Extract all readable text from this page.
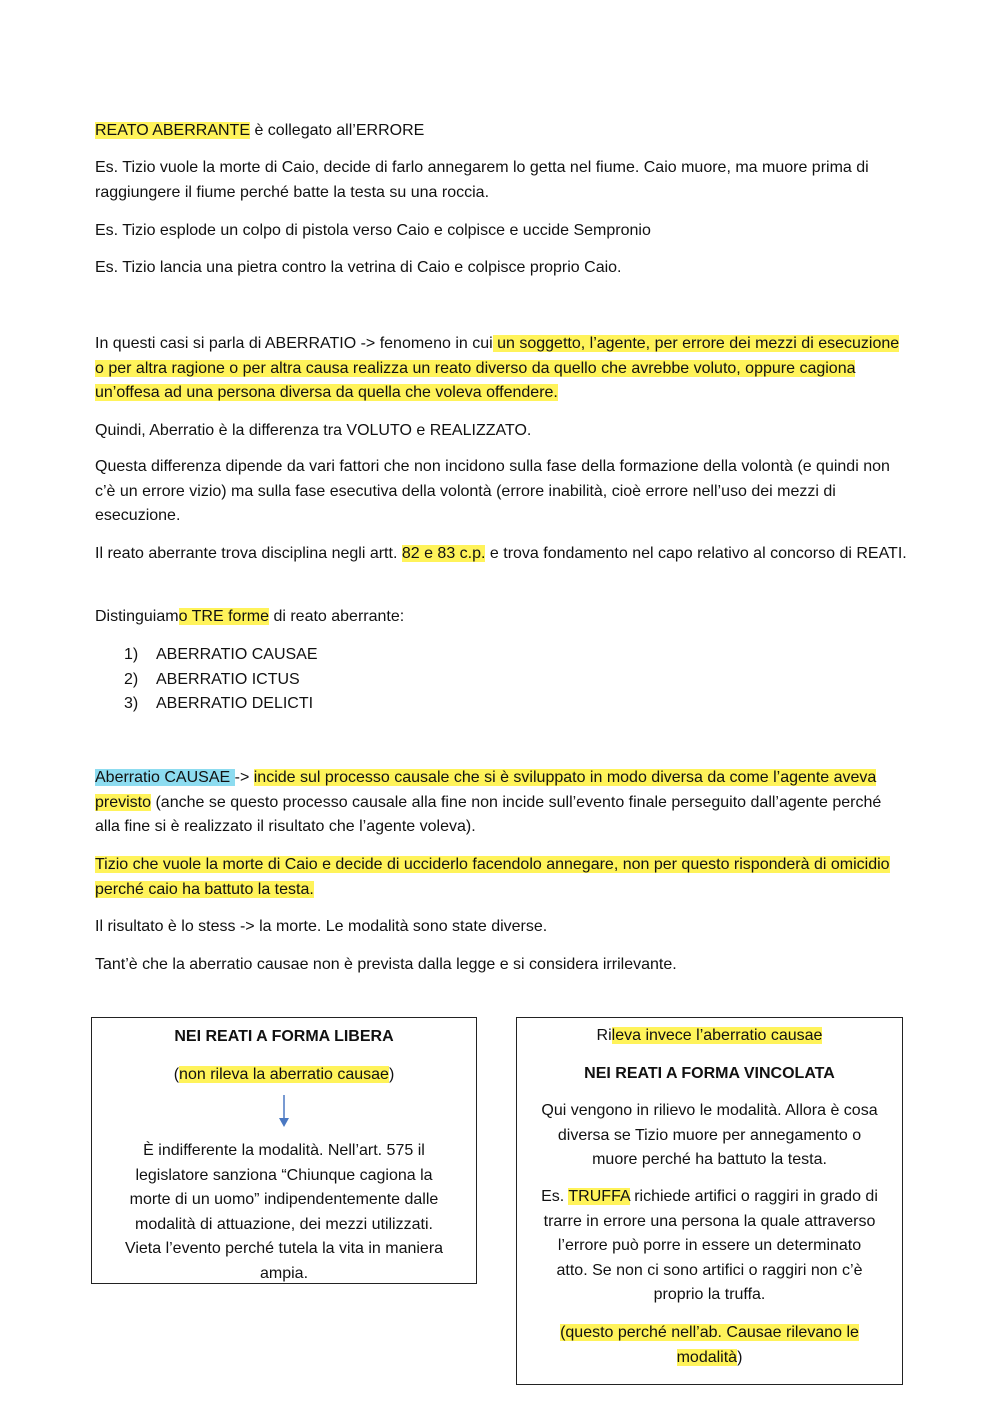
REATO ABERRANTE è collegato all’ERRORE

Es. Tizio vuole la morte di Caio, decide di farlo annegarem lo getta nel fiume. Caio muore, ma muore prima di raggiungere il fiume perché batte la testa su una roccia.

Es. Tizio esplode un colpo di pistola verso Caio e colpisce e uccide Sempronio

Es. Tizio lancia una pietra contro la vetrina di Caio e colpisce proprio Caio.

In questi casi si parla di ABERRATIO -> fenomeno in cui un soggetto, l’agente, per errore dei mezzi di esecuzione o per altra ragione o per altra causa realizza un reato diverso da quello che avrebbe voluto, oppure cagiona un’offesa ad una persona diversa da quella che voleva offendere.

Quindi, Aberratio è la differenza tra VOLUTO e REALIZZATO.

Questa differenza dipende da vari fattori che non incidono sulla fase della formazione della volontà (e quindi non c’è un errore vizio) ma sulla fase esecutiva della volontà (errore inabilità, cioè errore nell’uso dei mezzi di esecuzione.

Il reato aberrante trova disciplina negli artt. 82 e 83 c.p. e trova fondamento nel capo relativo al concorso di REATI.

Distinguiamo TRE forme di reato aberrante:

1) ABERRATIO CAUSAE
2) ABERRATIO ICTUS
3) ABERRATIO DELICTI

Aberratio CAUSAE -> incide sul processo causale che si è sviluppato in modo diversa da come l’agente aveva previsto (anche se questo processo causale alla fine non incide sull’evento finale perseguito dall’agente perché alla fine si è realizzato il risultato che l’agente voleva).

Tizio che vuole la morte di Caio e decide di ucciderlo facendolo annegare, non per questo risponderà di omicidio perché caio ha battuto la testa.

Il risultato è lo stess -> la morte. Le modalità sono state diverse.

Tant’è che la aberratio causae non è prevista dalla legge e si considera irrilevante.

NEI REATI A FORMA LIBERA
(non rileva la aberratio causae)
È indifferente la modalità. Nell’art. 575 il
legislatore sanziona “Chiunque cagiona la
morte di un uomo” indipendentemente dalle
modalità di attuazione, dei mezzi utilizzati.
Vieta l’evento perché tutela la vita in maniera
ampia.
Rileva invece l’aberratio causae
NEI REATI A FORMA VINCOLATA
Qui vengono in rilievo le modalità. Allora è cosa
diversa se Tizio muore per annegamento o
muore perché ha battuto la testa.
Es. TRUFFA richiede artifici o raggiri in grado di
trarre in errore una persona la quale attraverso
l’errore può porre in essere un determinato
atto. Se non ci sono artifici o raggiri non c’è
proprio la truffa.
(questo perché nell’ab. Causae rilevano le
modalità)
